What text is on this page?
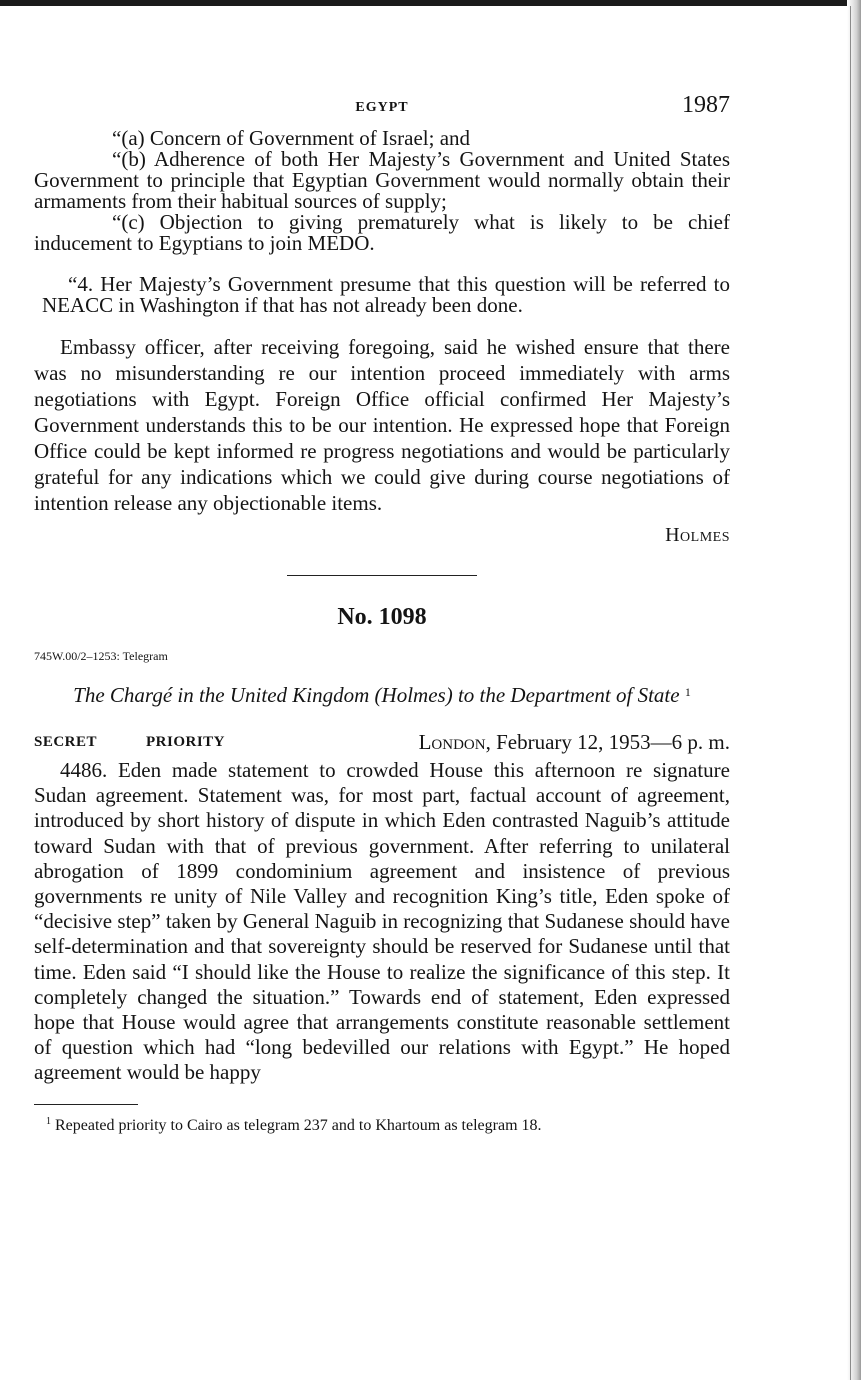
EGYPT	1987

“(a) Concern of Government of Israel; and

“(b) Adherence of both Her Majesty’s Government and United States Government to principle that Egyptian Government would normally obtain their armaments from their habitual sources of supply;

“(c) Objection to giving prematurely what is likely to be chief inducement to Egyptians to join MEDO.

“4. Her Majesty’s Government presume that this question will be referred to NEACC in Washington if that has not already been done.

Embassy officer, after receiving foregoing, said he wished ensure that there was no misunderstanding re our intention proceed immediately with arms negotiations with Egypt. Foreign Office official confirmed Her Majesty’s Government understands this to be our intention. He expressed hope that Foreign Office could be kept informed re progress negotiations and would be particularly grateful for any indications which we could give during course negotiations of intention release any objectionable items.

Holmes
No. 1098
745W.00/2–1253: Telegram
The Chargé in the United Kingdom (Holmes) to the Department of State $^1$
SECRET	PRIORITY	London, February 12, 1953—6 p. m.

4486. Eden made statement to crowded House this afternoon re signature Sudan agreement. Statement was, for most part, factual account of agreement, introduced by short history of dispute in which Eden contrasted Naguib’s attitude toward Sudan with that of previous government. After referring to unilateral abrogation of 1899 condominium agreement and insistence of previous governments re unity of Nile Valley and recognition King’s title, Eden spoke of “decisive step” taken by General Naguib in recognizing that Sudanese should have self-determination and that sovereignty should be reserved for Sudanese until that time. Eden said “I should like the House to realize the significance of this step. It completely changed the situation.” Towards end of statement, Eden expressed hope that House would agree that arrangements constitute reasonable settlement of question which had “long bedevilled our relations with Egypt.” He hoped agreement would be happy

$^1$ Repeated priority to Cairo as telegram 237 and to Khartoum as telegram 18.
